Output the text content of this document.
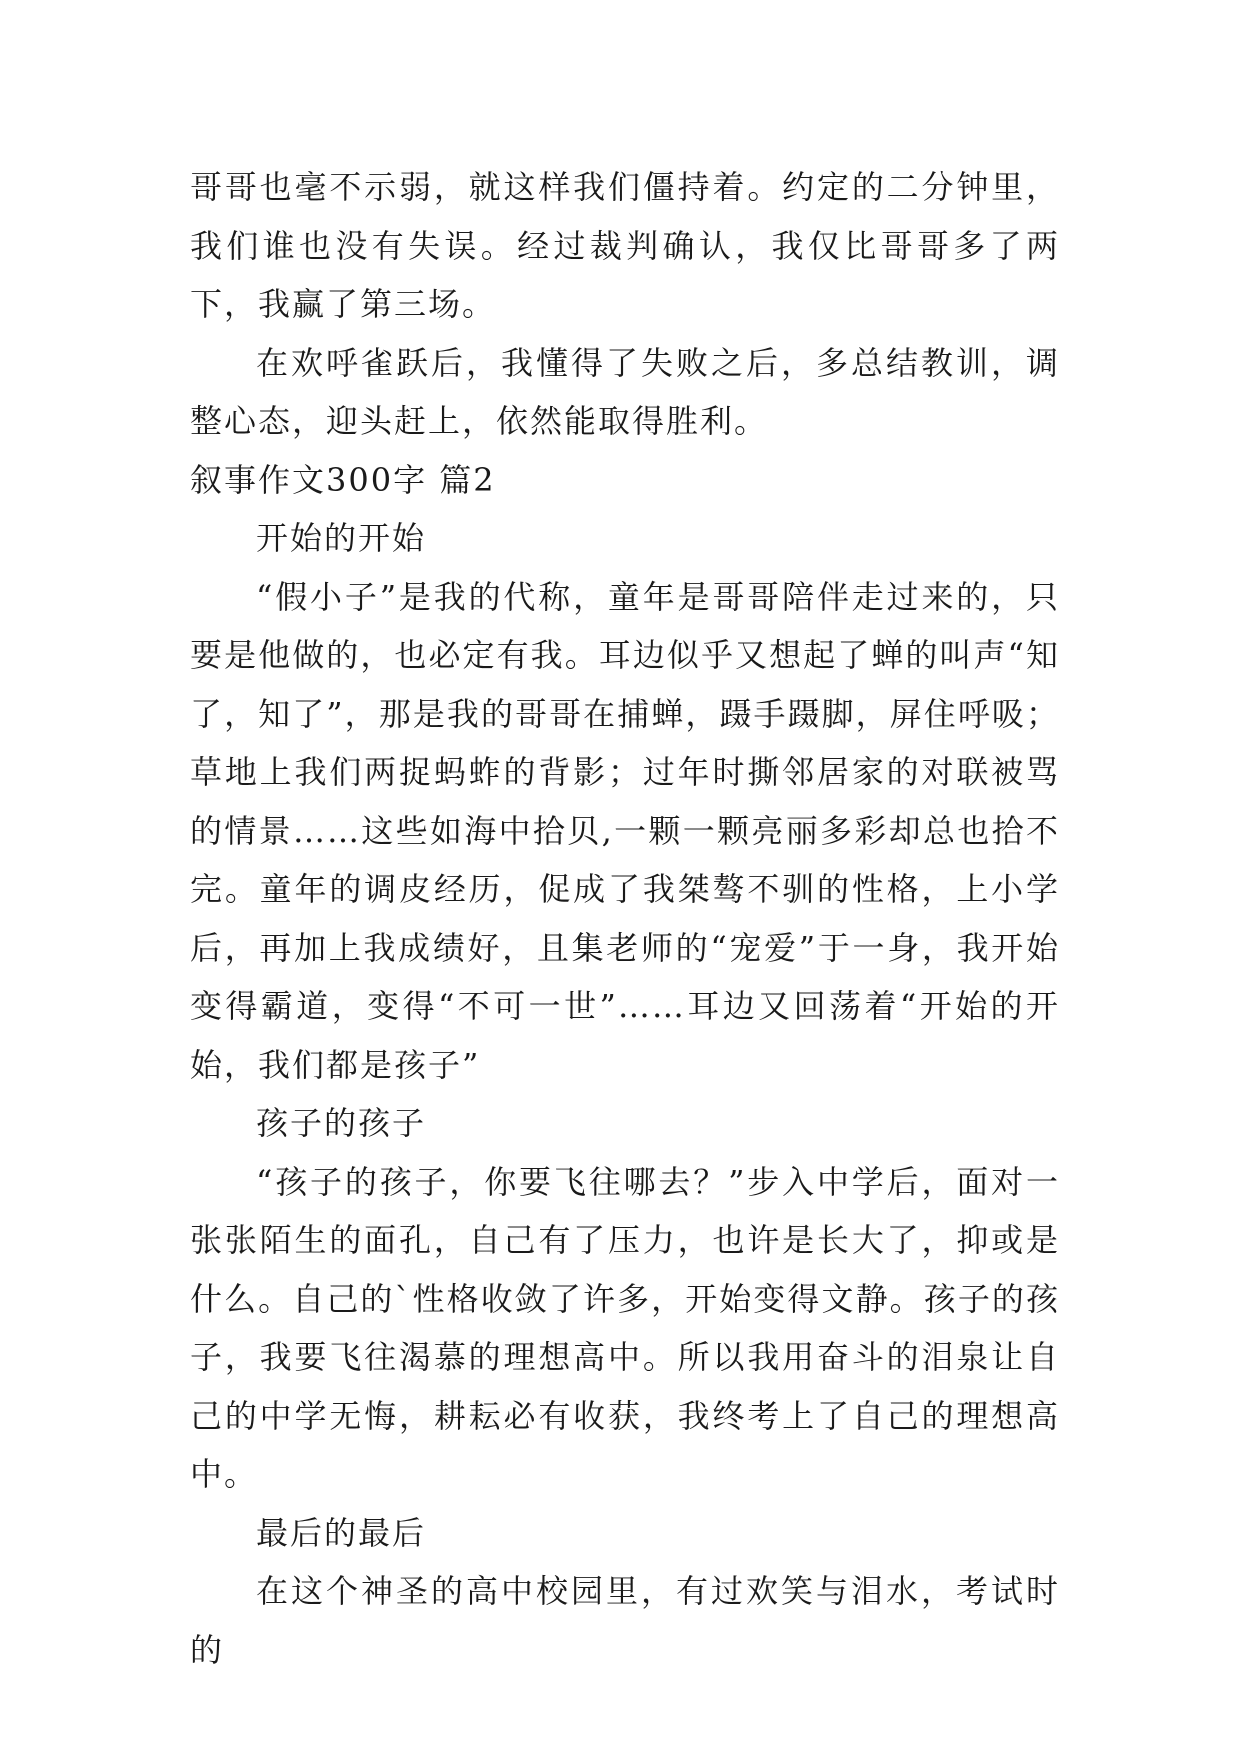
哥哥也毫不示弱，就这样我们僵持着。约定的二分钟里，我们谁也没有失误。经过裁判确认，我仅比哥哥多了两下，我赢了第三场。

在欢呼雀跃后，我懂得了失败之后，多总结教训，调整心态，迎头赶上，依然能取得胜利。

叙事作文300字 篇2

开始的开始

“假小子”是我的代称，童年是哥哥陪伴走过来的，只要是他做的，也必定有我。耳边似乎又想起了蝉的叫声“知了，知了”，那是我的哥哥在捕蝉，蹑手蹑脚，屏住呼吸；草地上我们两捉蚂蚱的背影；过年时撕邻居家的对联被骂的情景……这些如海中拾贝,一颗一颗亮丽多彩却总也拾不完。童年的调皮经历，促成了我桀骜不驯的性格，上小学后，再加上我成绩好，且集老师的“宠爱”于一身，我开始变得霸道，变得“不可一世”……耳边又回荡着“开始的开始，我们都是孩子”

孩子的孩子

“孩子的孩子，你要飞往哪去？”步入中学后，面对一张张陌生的面孔，自己有了压力，也许是长大了，抑或是什么。自己的`性格收敛了许多，开始变得文静。孩子的孩子，我要飞往渴慕的理想高中。所以我用奋斗的泪泉让自己的中学无悔，耕耘必有收获，我终考上了自己的理想高中。

最后的最后

在这个神圣的高中校园里，有过欢笑与泪水，考试时的
